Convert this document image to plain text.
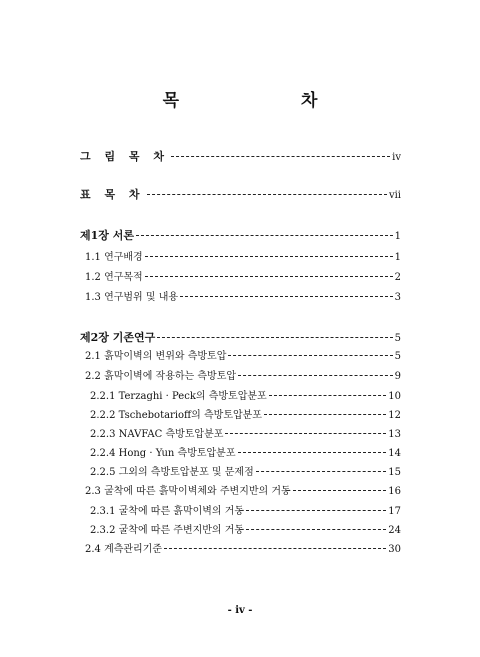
목 차
그 림 목 차	iv
표 목 차	vii
제1장 서론	1
1.1 연구배경	1
1.2 연구목적	2
1.3 연구범위 및 내용	3
제2장 기존연구	5
2.1 흙막이벽의 변위와 측방토압	5
2.2 흙막이벽에 작용하는 측방토압	9
2.2.1 Terzaghi · Peck의 측방토압분포	10
2.2.2 Tschebotarioff의 측방토압분포	12
2.2.3 NAVFAC 측방토압분포	13
2.2.4 Hong · Yun 측방토압분포	14
2.2.5 그외의 측방토압분포 및 문제점	15
2.3 굴착에 따른 흙막이벽체와 주변지반의 거동	16
2.3.1 굴착에 따른 흙막이벽의 거동	17
2.3.2 굴착에 따른 주변지반의 거동	24
2.4 계측관리기준	30
- iv -
